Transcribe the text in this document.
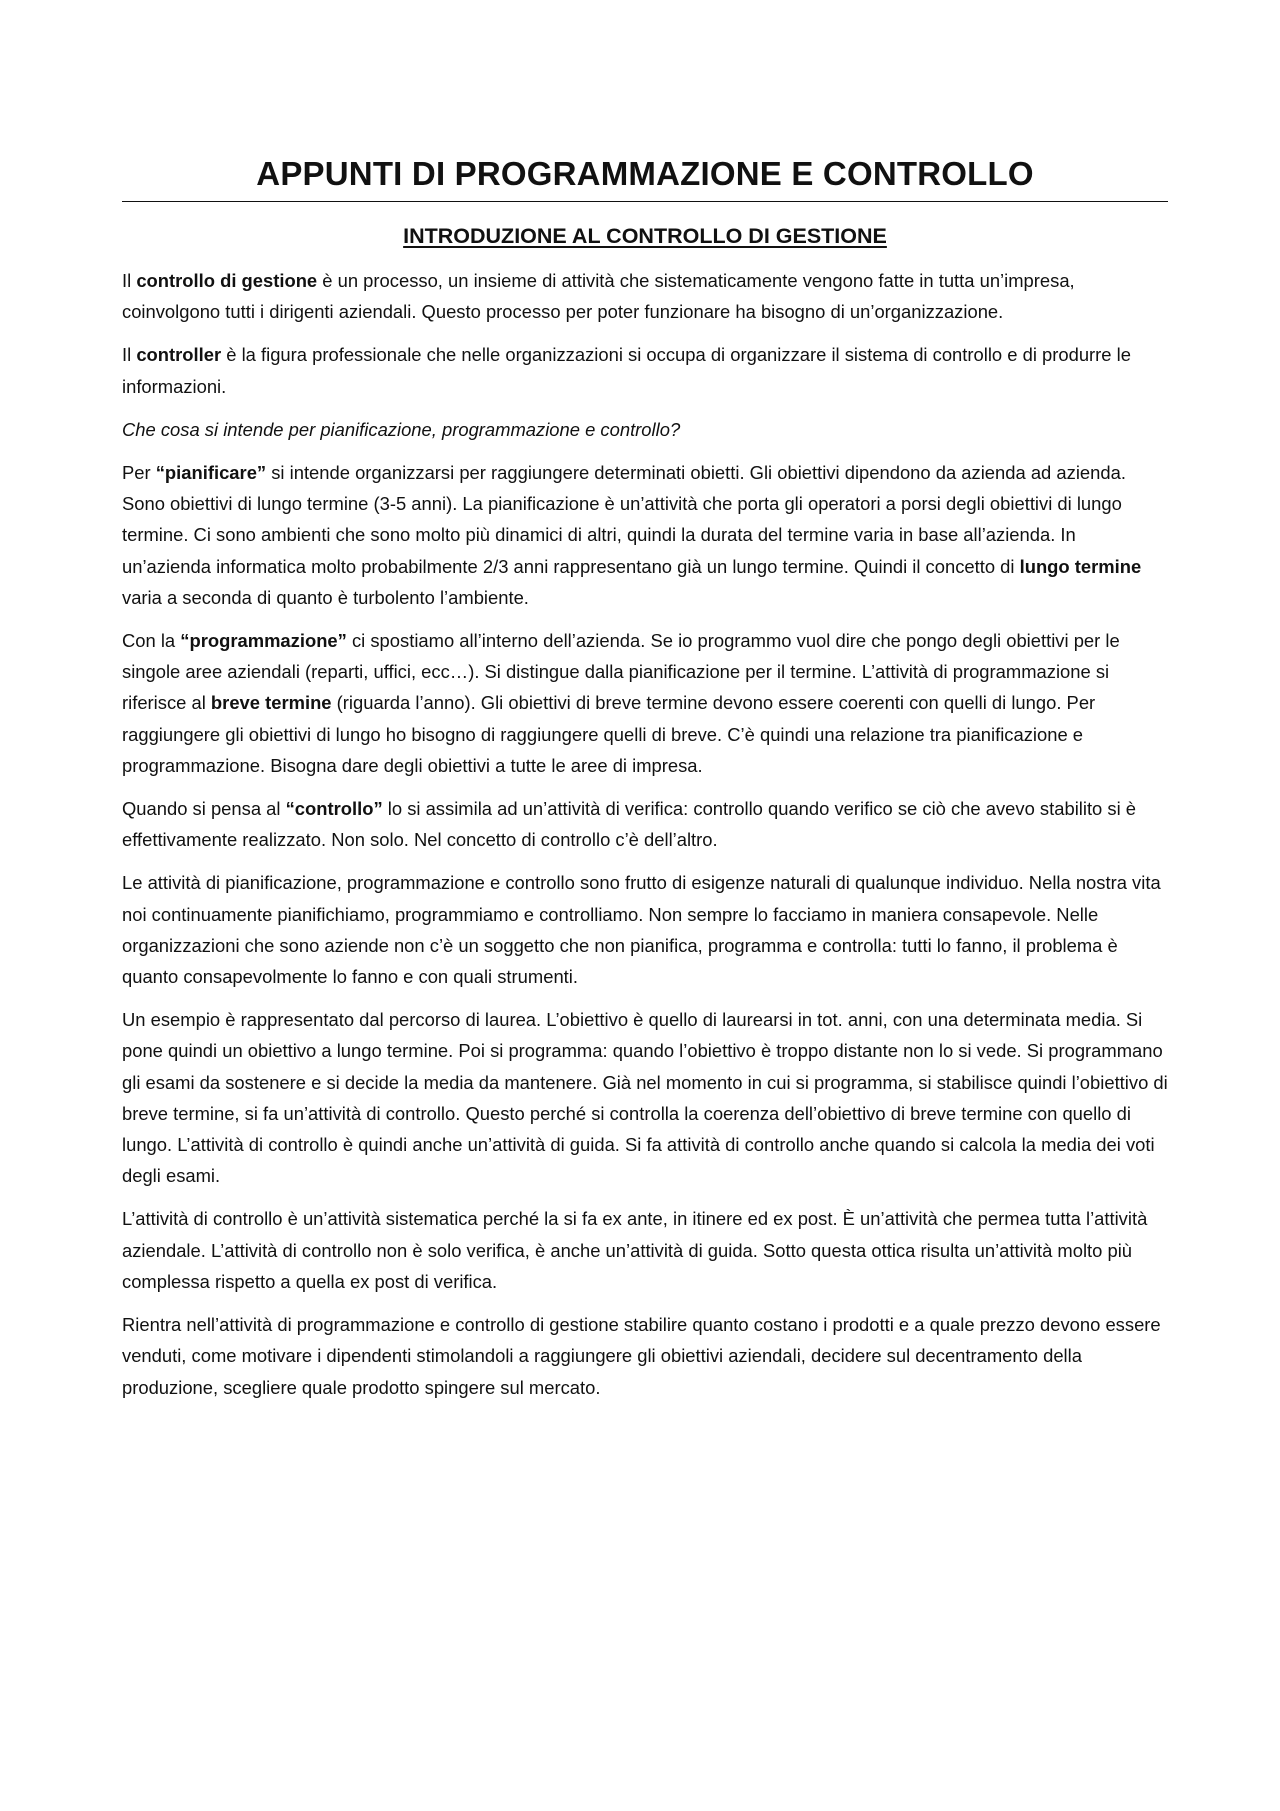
APPUNTI DI PROGRAMMAZIONE E CONTROLLO
INTRODUZIONE AL CONTROLLO DI GESTIONE

Il controllo di gestione è un processo, un insieme di attività che sistematicamente vengono fatte in tutta un’impresa, coinvolgono tutti i dirigenti aziendali. Questo processo per poter funzionare ha bisogno di un’organizzazione.

Il controller è la figura professionale che nelle organizzazioni si occupa di organizzare il sistema di controllo e di produrre le informazioni.

Che cosa si intende per pianificazione, programmazione e controllo?

Per “pianificare” si intende organizzarsi per raggiungere determinati obietti. Gli obiettivi dipendono da azienda ad azienda. Sono obiettivi di lungo termine (3-5 anni). La pianificazione è un’attività che porta gli operatori a porsi degli obiettivi di lungo termine. Ci sono ambienti che sono molto più dinamici di altri, quindi la durata del termine varia in base all’azienda. In un’azienda informatica molto probabilmente 2/3 anni rappresentano già un lungo termine. Quindi il concetto di lungo termine varia a seconda di quanto è turbolento l’ambiente.

Con la “programmazione” ci spostiamo all’interno dell’azienda. Se io programmo vuol dire che pongo degli obiettivi per le singole aree aziendali (reparti, uffici, ecc…). Si distingue dalla pianificazione per il termine. L’attività di programmazione si riferisce al breve termine (riguarda l’anno). Gli obiettivi di breve termine devono essere coerenti con quelli di lungo. Per raggiungere gli obiettivi di lungo ho bisogno di raggiungere quelli di breve. C’è quindi una relazione tra pianificazione e programmazione. Bisogna dare degli obiettivi a tutte le aree di impresa.

Quando si pensa al “controllo” lo si assimila ad un’attività di verifica: controllo quando verifico se ciò che avevo stabilito si è effettivamente realizzato. Non solo. Nel concetto di controllo c’è dell’altro.

Le attività di pianificazione, programmazione e controllo sono frutto di esigenze naturali di qualunque individuo. Nella nostra vita noi continuamente pianifichiamo, programmiamo e controlliamo. Non sempre lo facciamo in maniera consapevole. Nelle organizzazioni che sono aziende non c’è un soggetto che non pianifica, programma e controlla: tutti lo fanno, il problema è quanto consapevolmente lo fanno e con quali strumenti.

Un esempio è rappresentato dal percorso di laurea. L’obiettivo è quello di laurearsi in tot. anni, con una determinata media. Si pone quindi un obiettivo a lungo termine. Poi si programma: quando l’obiettivo è troppo distante non lo si vede. Si programmano gli esami da sostenere e si decide la media da mantenere. Già nel momento in cui si programma, si stabilisce quindi l’obiettivo di breve termine, si fa un’attività di controllo. Questo perché si controlla la coerenza dell’obiettivo di breve termine con quello di lungo. L’attività di controllo è quindi anche un’attività di guida. Si fa attività di controllo anche quando si calcola la media dei voti degli esami.

L’attività di controllo è un’attività sistematica perché la si fa ex ante, in itinere ed ex post. È un’attività che permea tutta l’attività aziendale. L’attività di controllo non è solo verifica, è anche un’attività di guida. Sotto questa ottica risulta un’attività molto più complessa rispetto a quella ex post di verifica.

Rientra nell’attività di programmazione e controllo di gestione stabilire quanto costano i prodotti e a quale prezzo devono essere venduti, come motivare i dipendenti stimolandoli a raggiungere gli obiettivi aziendali, decidere sul decentramento della produzione, scegliere quale prodotto spingere sul mercato.
